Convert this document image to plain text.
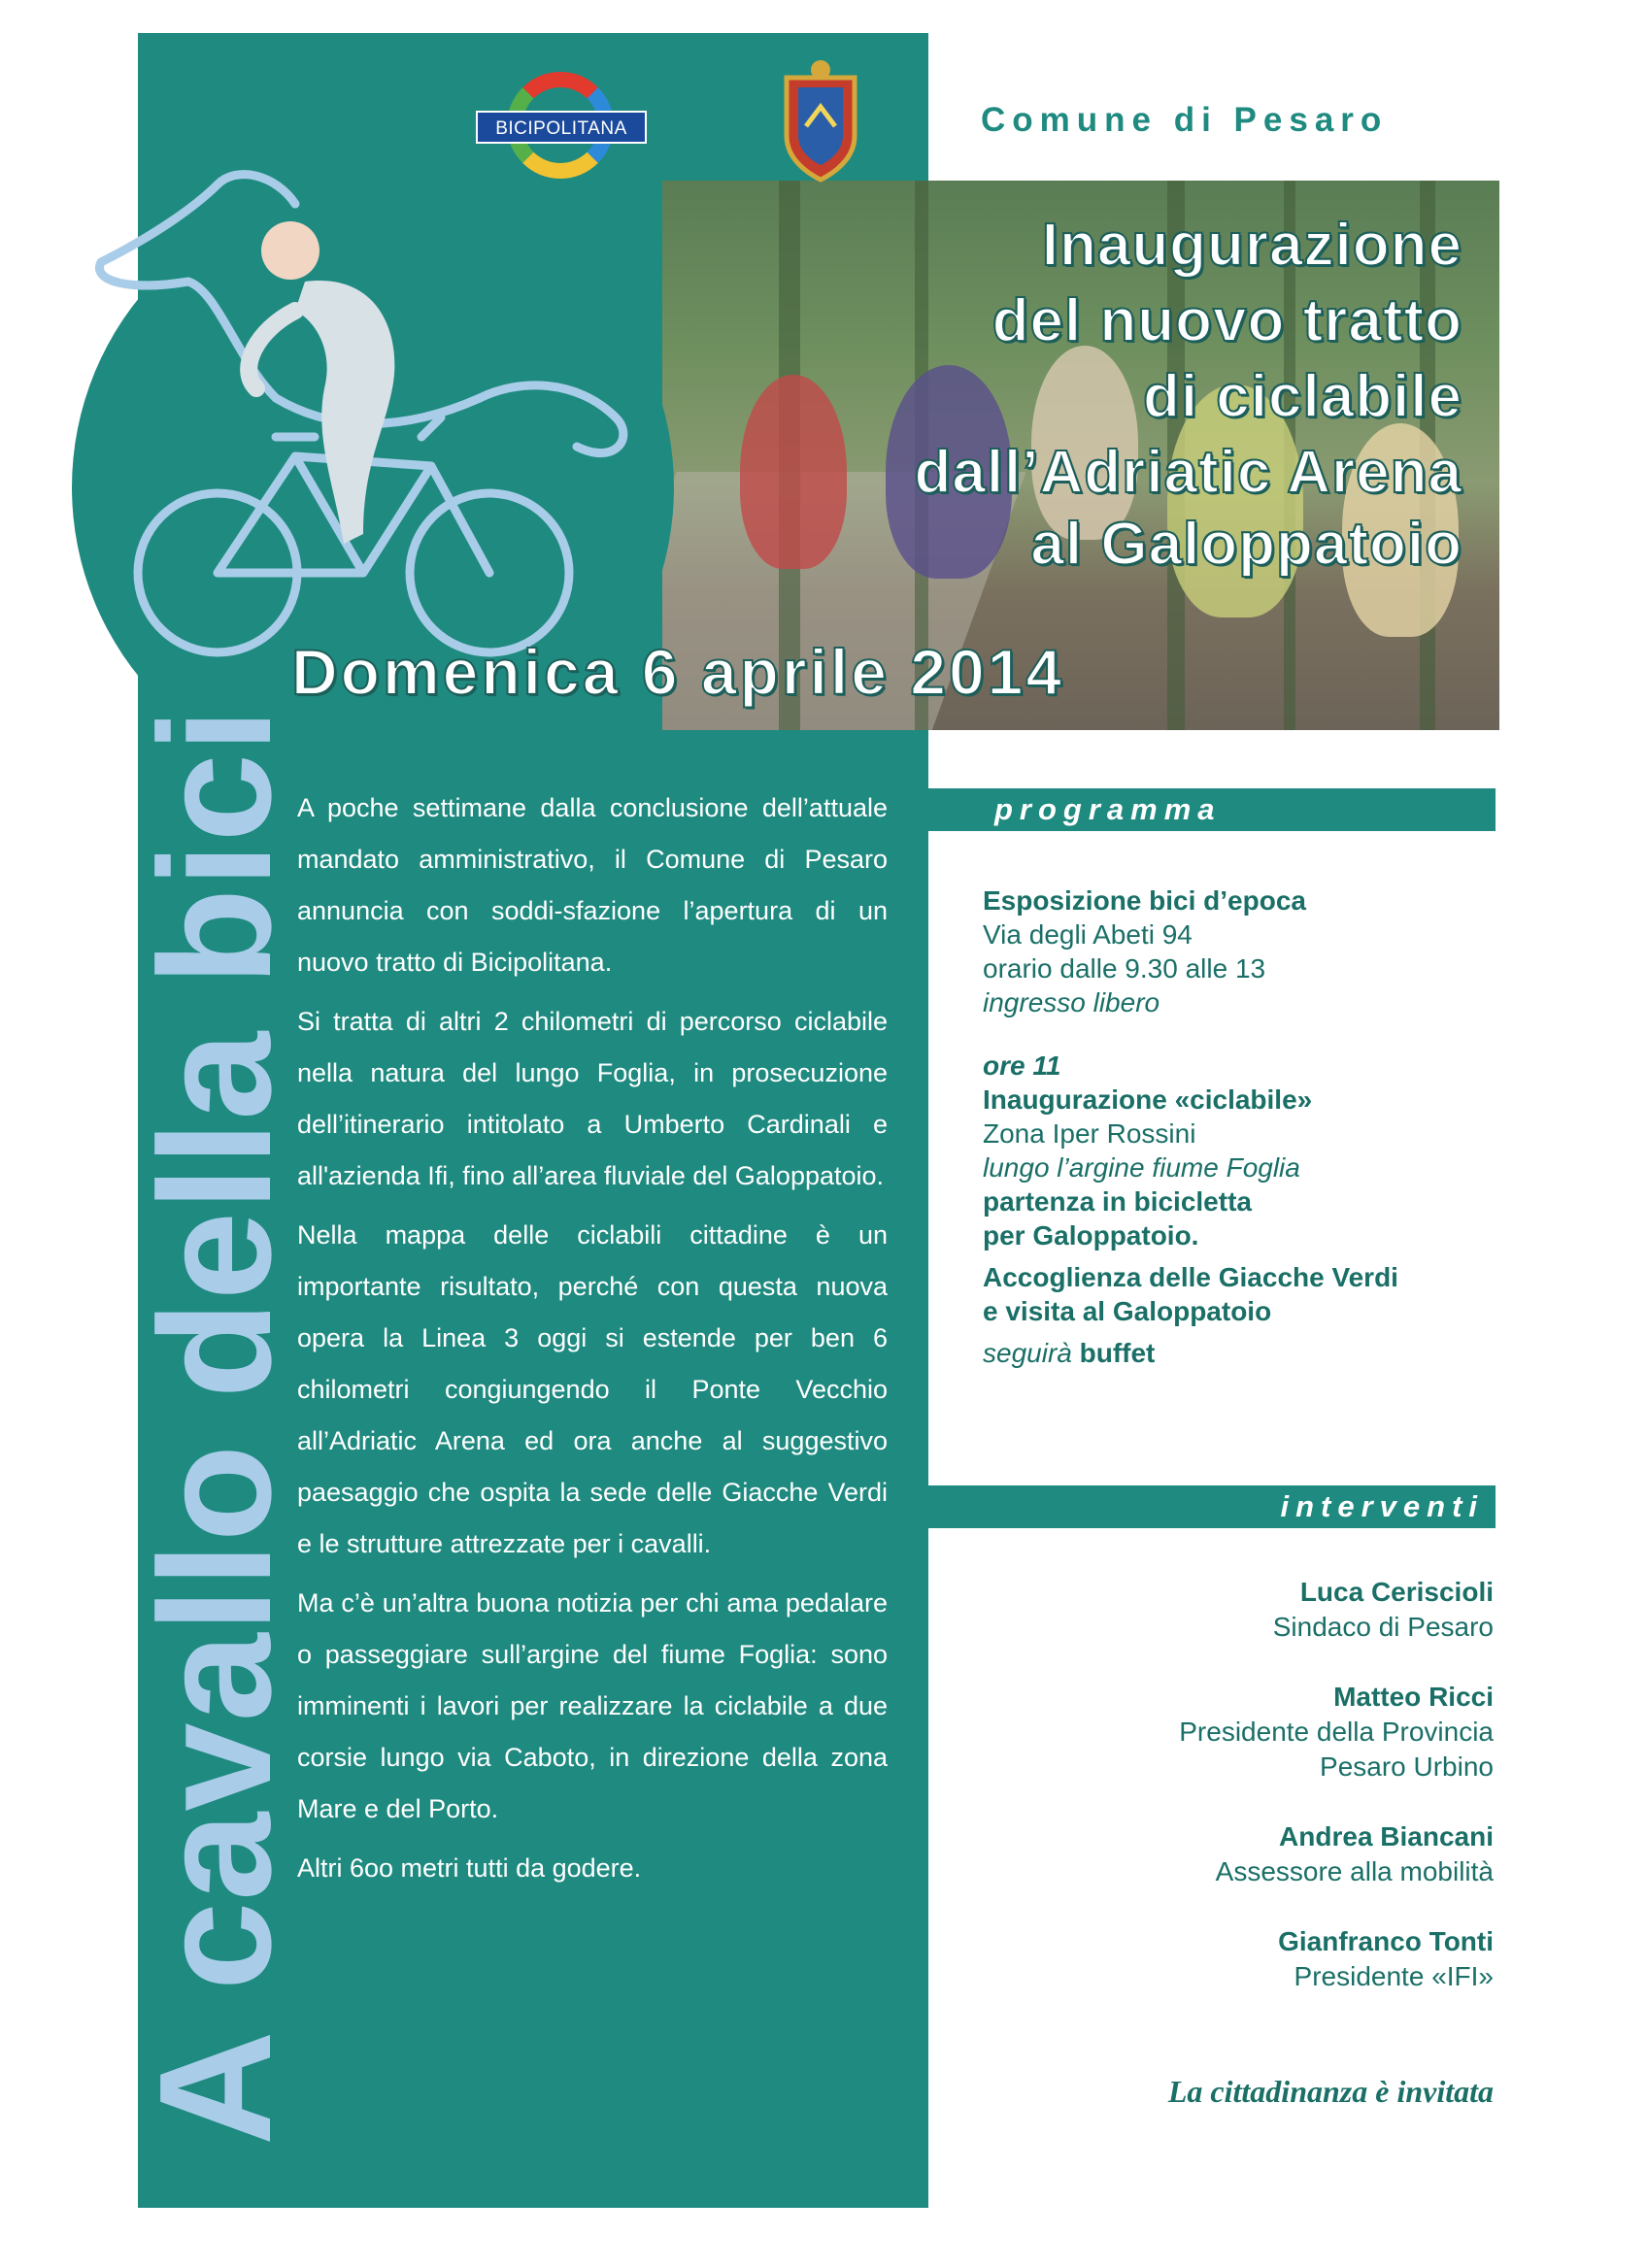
BICIPOLITANA	Comune di Pesaro
Inaugurazione
del nuovo tratto
di ciclabile
dall’Adriatic Arena
al Galoppatoio
Domenica 6 aprile 2014
A cavallo della bici

A poche settimane dalla conclusione dell’attuale mandato amministrativo, il Comune di Pesaro annuncia con soddi-sfazione l’apertura di un nuovo tratto di Bicipolitana.

Si tratta di altri 2 chilometri di percorso ciclabile nella natura del lungo Foglia, in prosecuzione dell’itinerario intitolato a Umberto Cardinali e all'azienda Ifi, fino all’area fluviale del Galoppatoio.

Nella mappa delle ciclabili cittadine è un importante risultato, perché con questa nuova opera la Linea 3 oggi si estende per ben 6 chilometri congiungendo il Ponte Vecchio all’Adriatic Arena ed ora anche al suggestivo paesaggio che ospita la sede delle Giacche Verdi e le strutture attrezzate per i cavalli.

Ma c’è un’altra buona notizia per chi ama pedalare o passeggiare sull’argine del fiume Foglia: sono imminenti i lavori per realizzare la ciclabile a due corsie lungo via Caboto, in direzione della zona Mare e del Porto.

Altri 6oo metri tutti da godere.

programma
Esposizione bici d’epoca
Via degli Abeti 94
orario dalle 9.30 alle 13
ingresso libero
ore 11
Inaugurazione «ciclabile»
Zona Iper Rossini
lungo l’argine fiume Foglia
partenza in bicicletta
per Galoppatoio.
Accoglienza delle Giacche Verdi
e visita al Galoppatoio
seguirà buffet
interventi
Luca Ceriscioli
Sindaco di Pesaro
Matteo Ricci
Presidente della Provincia
Pesaro Urbino
Andrea Biancani
Assessore alla mobilità
Gianfranco Tonti
Presidente «IFI»
La cittadinanza è invitata
